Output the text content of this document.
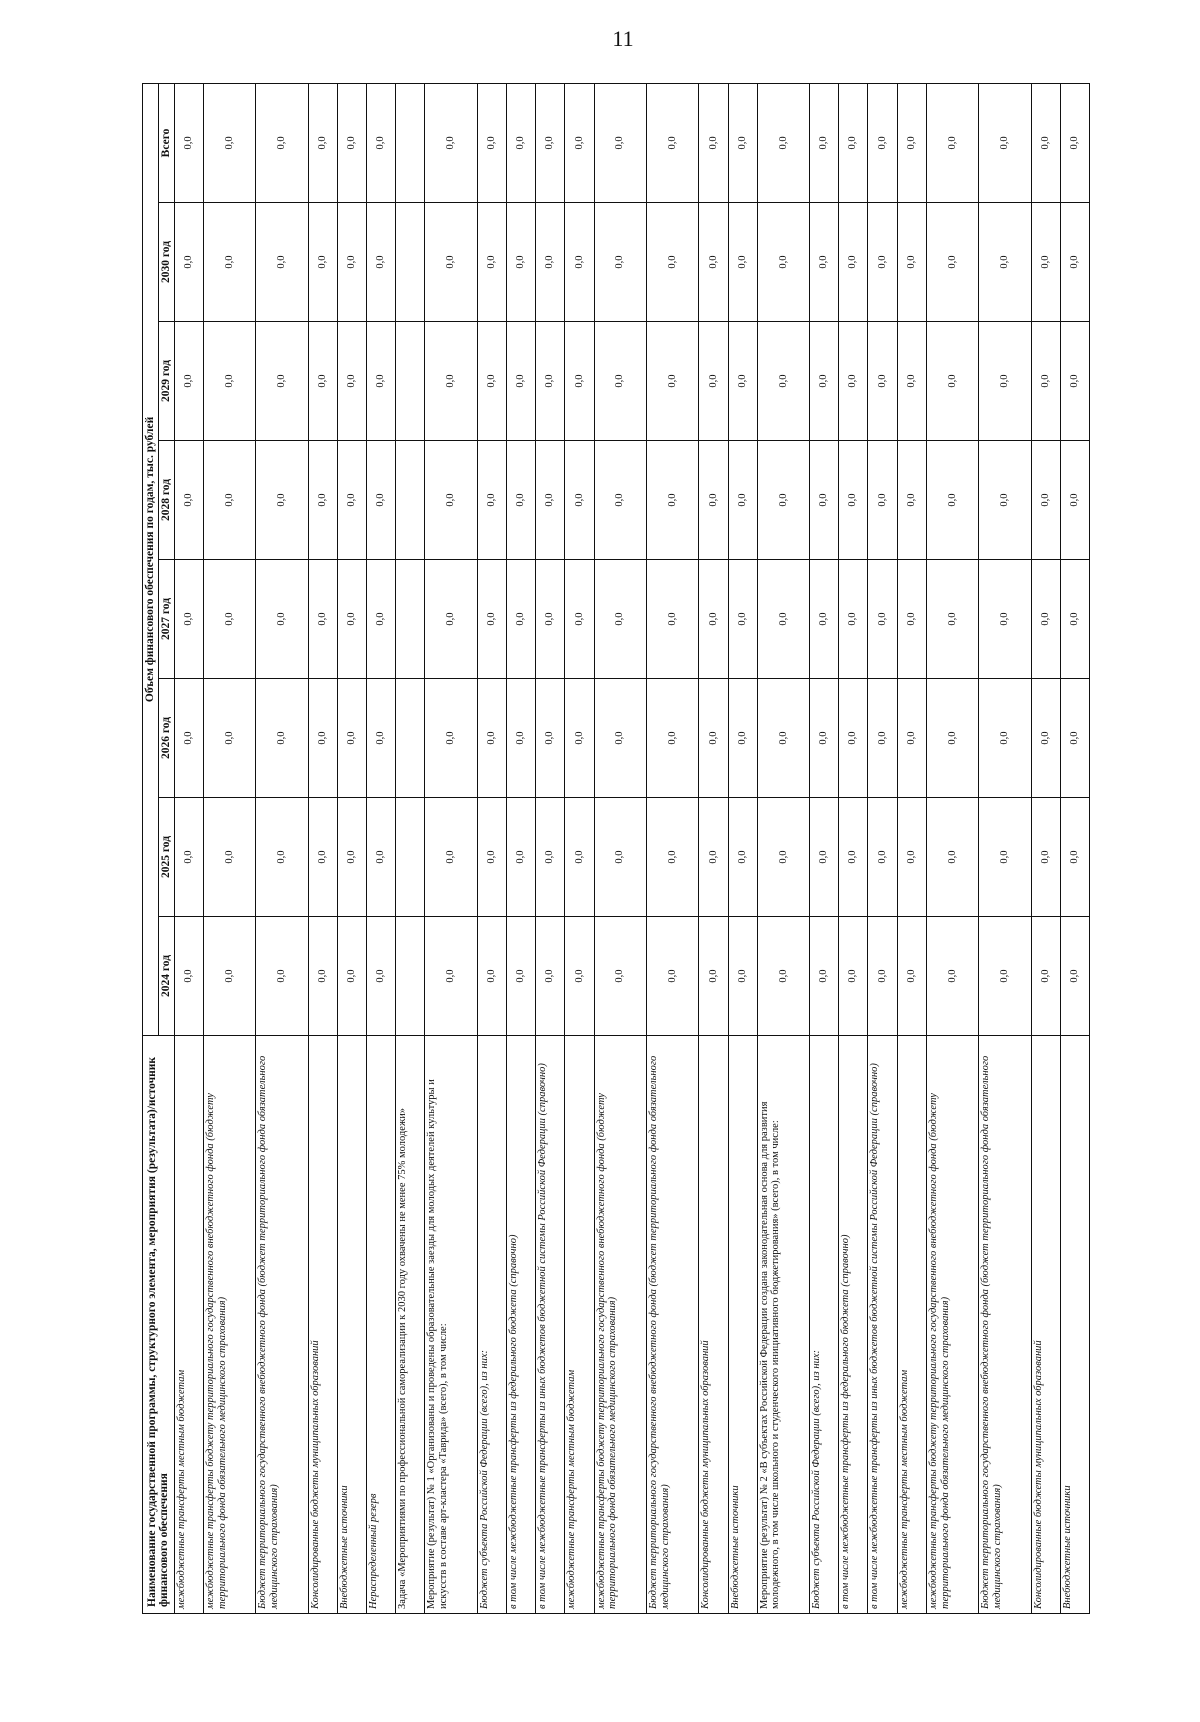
11
Наименование государственной программы, структурного элемента, мероприятия (результата)/источник финансового обеспечения	Объем финансового обеспечения по годам, тыс. рублей							
	2024 год	2025 год	2026 год	2027 год	2028 год	2029 год	2030 год	Всего
межбюджетные трансферты местным бюджетам	0,0	0,0	0,0	0,0	0,0	0,0	0,0	0,0
межбюджетные трансферты бюджету территориального государственного внебюджетного фонда (бюджету территориального фонда обязательного медицинского страхования)	0,0	0,0	0,0	0,0	0,0	0,0	0,0	0,0
Бюджет территориального государственного внебюджетного фонда (бюджет территориального фонда обязательного медицинского страхования)	0,0	0,0	0,0	0,0	0,0	0,0	0,0	0,0
Консолидированные бюджеты муниципальных образований	0,0	0,0	0,0	0,0	0,0	0,0	0,0	0,0
Внебюджетные источники	0,0	0,0	0,0	0,0	0,0	0,0	0,0	0,0
Нераспределенный резерв	0,0	0,0	0,0	0,0	0,0	0,0	0,0	0,0
Задача «Мероприятиями по профессиональной самореализации к 2030 году охвачены не менее 75% молодежи»								
Мероприятие (результат) № 1 «Организованы и проведены образовательные заезды для молодых деятелей культуры и искусств в составе арт-кластера «Таврида» (всего), в том числе:	0,0	0,0	0,0	0,0	0,0	0,0	0,0	0,0
Бюджет субъекта Российской Федерации (всего), из них:	0,0	0,0	0,0	0,0	0,0	0,0	0,0	0,0
в том числе межбюджетные трансферты из федерального бюджета (справочно)	0,0	0,0	0,0	0,0	0,0	0,0	0,0	0,0
в том числе межбюджетные трансферты из иных бюджетов бюджетной системы Российской Федерации (справочно)	0,0	0,0	0,0	0,0	0,0	0,0	0,0	0,0
межбюджетные трансферты местным бюджетам	0,0	0,0	0,0	0,0	0,0	0,0	0,0	0,0
межбюджетные трансферты бюджету территориального государственного внебюджетного фонда (бюджету территориального фонда обязательного медицинского страхования)	0,0	0,0	0,0	0,0	0,0	0,0	0,0	0,0
Бюджет территориального государственного внебюджетного фонда (бюджет территориального фонда обязательного медицинского страхования)	0,0	0,0	0,0	0,0	0,0	0,0	0,0	0,0
Консолидированные бюджеты муниципальных образований	0,0	0,0	0,0	0,0	0,0	0,0	0,0	0,0
Внебюджетные источники	0,0	0,0	0,0	0,0	0,0	0,0	0,0	0,0
Мероприятие (результат) № 2 «В субъектах Российской Федерации создана законодательная основа для развития молодежного, в том числе школьного и студенческого инициативного бюджетирования» (всего), в том числе:	0,0	0,0	0,0	0,0	0,0	0,0	0,0	0,0
Бюджет субъекта Российской Федерации (всего), из них:	0,0	0,0	0,0	0,0	0,0	0,0	0,0	0,0
в том числе межбюджетные трансферты из федерального бюджета (справочно)	0,0	0,0	0,0	0,0	0,0	0,0	0,0	0,0
в том числе межбюджетные трансферты из иных бюджетов бюджетной системы Российской Федерации (справочно)	0,0	0,0	0,0	0,0	0,0	0,0	0,0	0,0
межбюджетные трансферты местным бюджетам	0,0	0,0	0,0	0,0	0,0	0,0	0,0	0,0
межбюджетные трансферты бюджету территориального государственного внебюджетного фонда (бюджету территориального фонда обязательного медицинского страхования)	0,0	0,0	0,0	0,0	0,0	0,0	0,0	0,0
Бюджет территориального государственного внебюджетного фонда (бюджет территориального фонда обязательного медицинского страхования)	0,0	0,0	0,0	0,0	0,0	0,0	0,0	0,0
Консолидированные бюджеты муниципальных образований	0,0	0,0	0,0	0,0	0,0	0,0	0,0	0,0
Внебюджетные источники	0,0	0,0	0,0	0,0	0,0	0,0	0,0	0,0
